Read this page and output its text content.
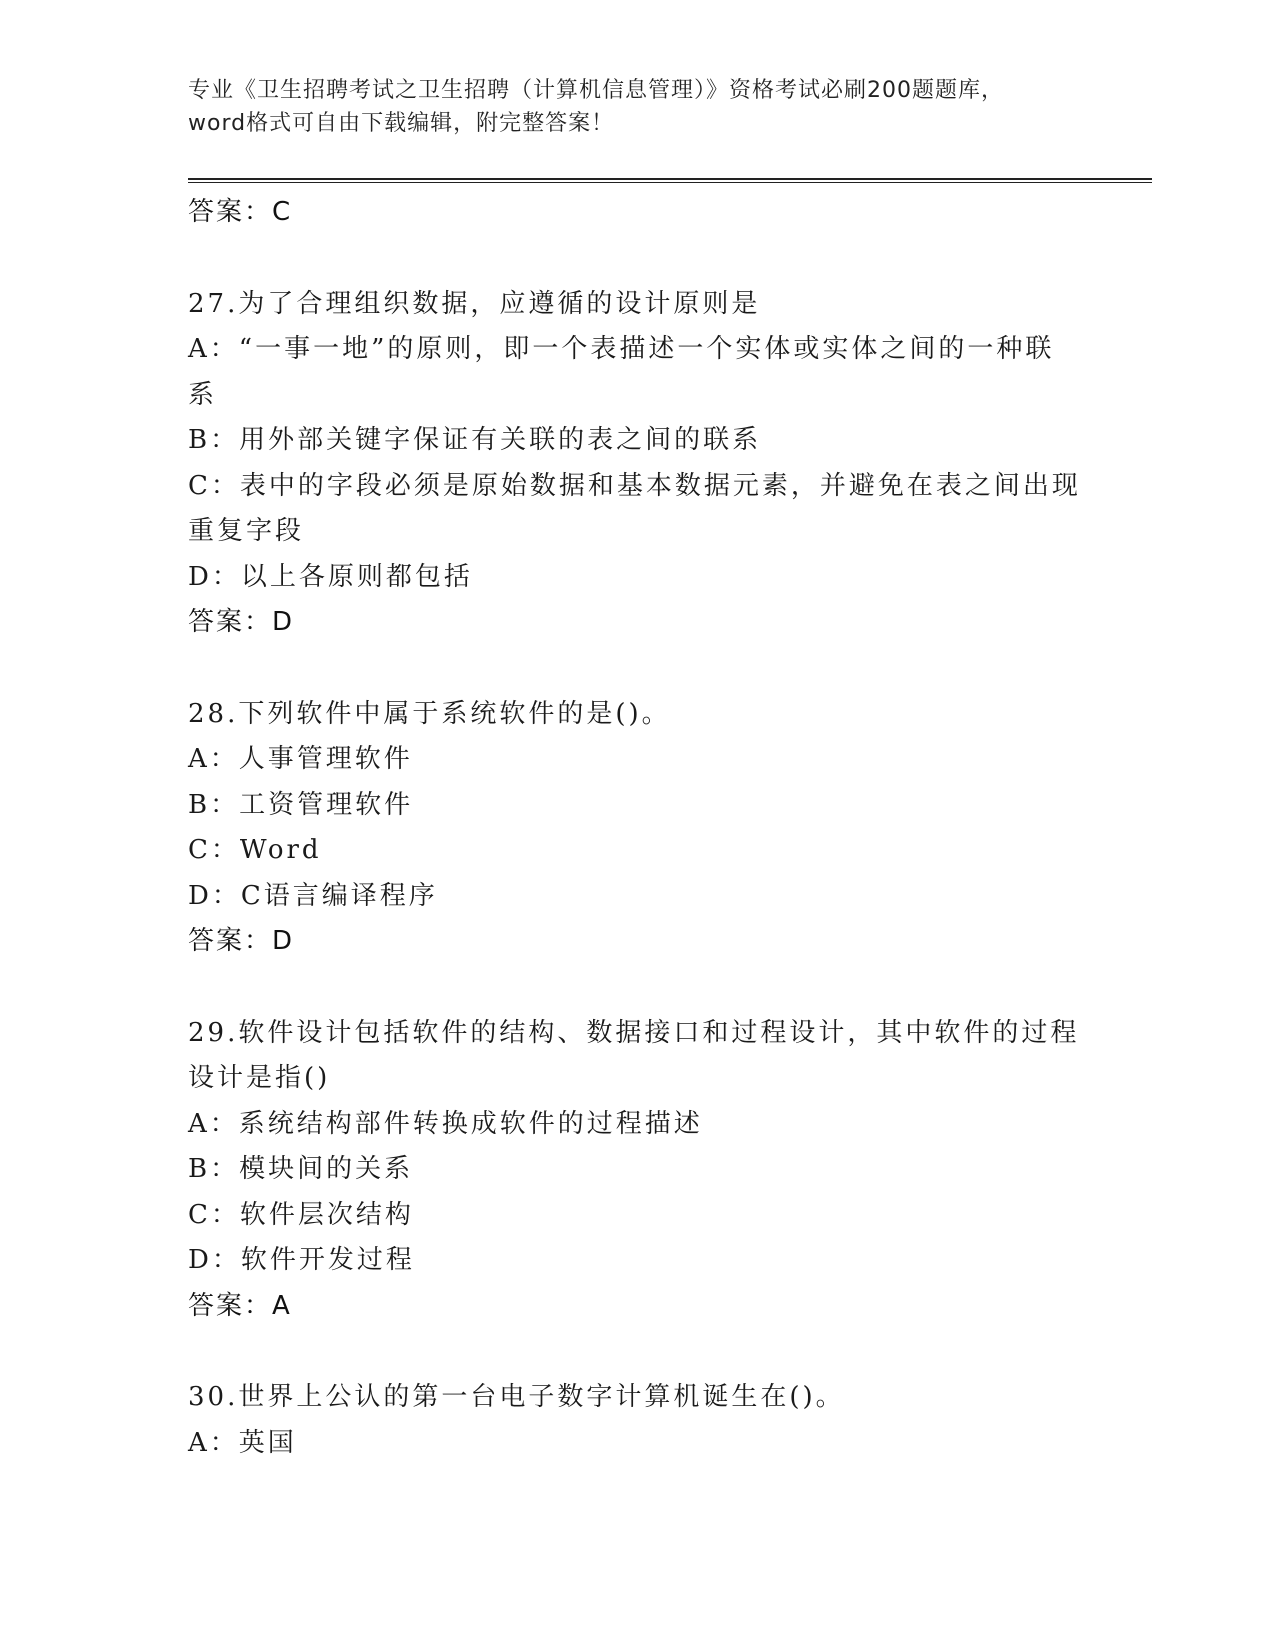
专业《卫生招聘考试之卫生招聘（计算机信息管理）》资格考试必刷200题题库，
word格式可自由下载编辑，附完整答案！
答案：C
27.为了合理组织数据，应遵循的设计原则是
A：“一事一地”的原则，即一个表描述一个实体或实体之间的一种联
系
B：用外部关键字保证有关联的表之间的联系
C：表中的字段必须是原始数据和基本数据元素，并避免在表之间出现
重复字段
D：以上各原则都包括
答案：D
28.下列软件中属于系统软件的是()。
A：人事管理软件
B：工资管理软件
C：Word
D：C语言编译程序
答案：D
29.软件设计包括软件的结构、数据接口和过程设计，其中软件的过程
设计是指()
A：系统结构部件转换成软件的过程描述
B：模块间的关系
C：软件层次结构
D：软件开发过程
答案：A
30.世界上公认的第一台电子数字计算机诞生在()。
A：英国
